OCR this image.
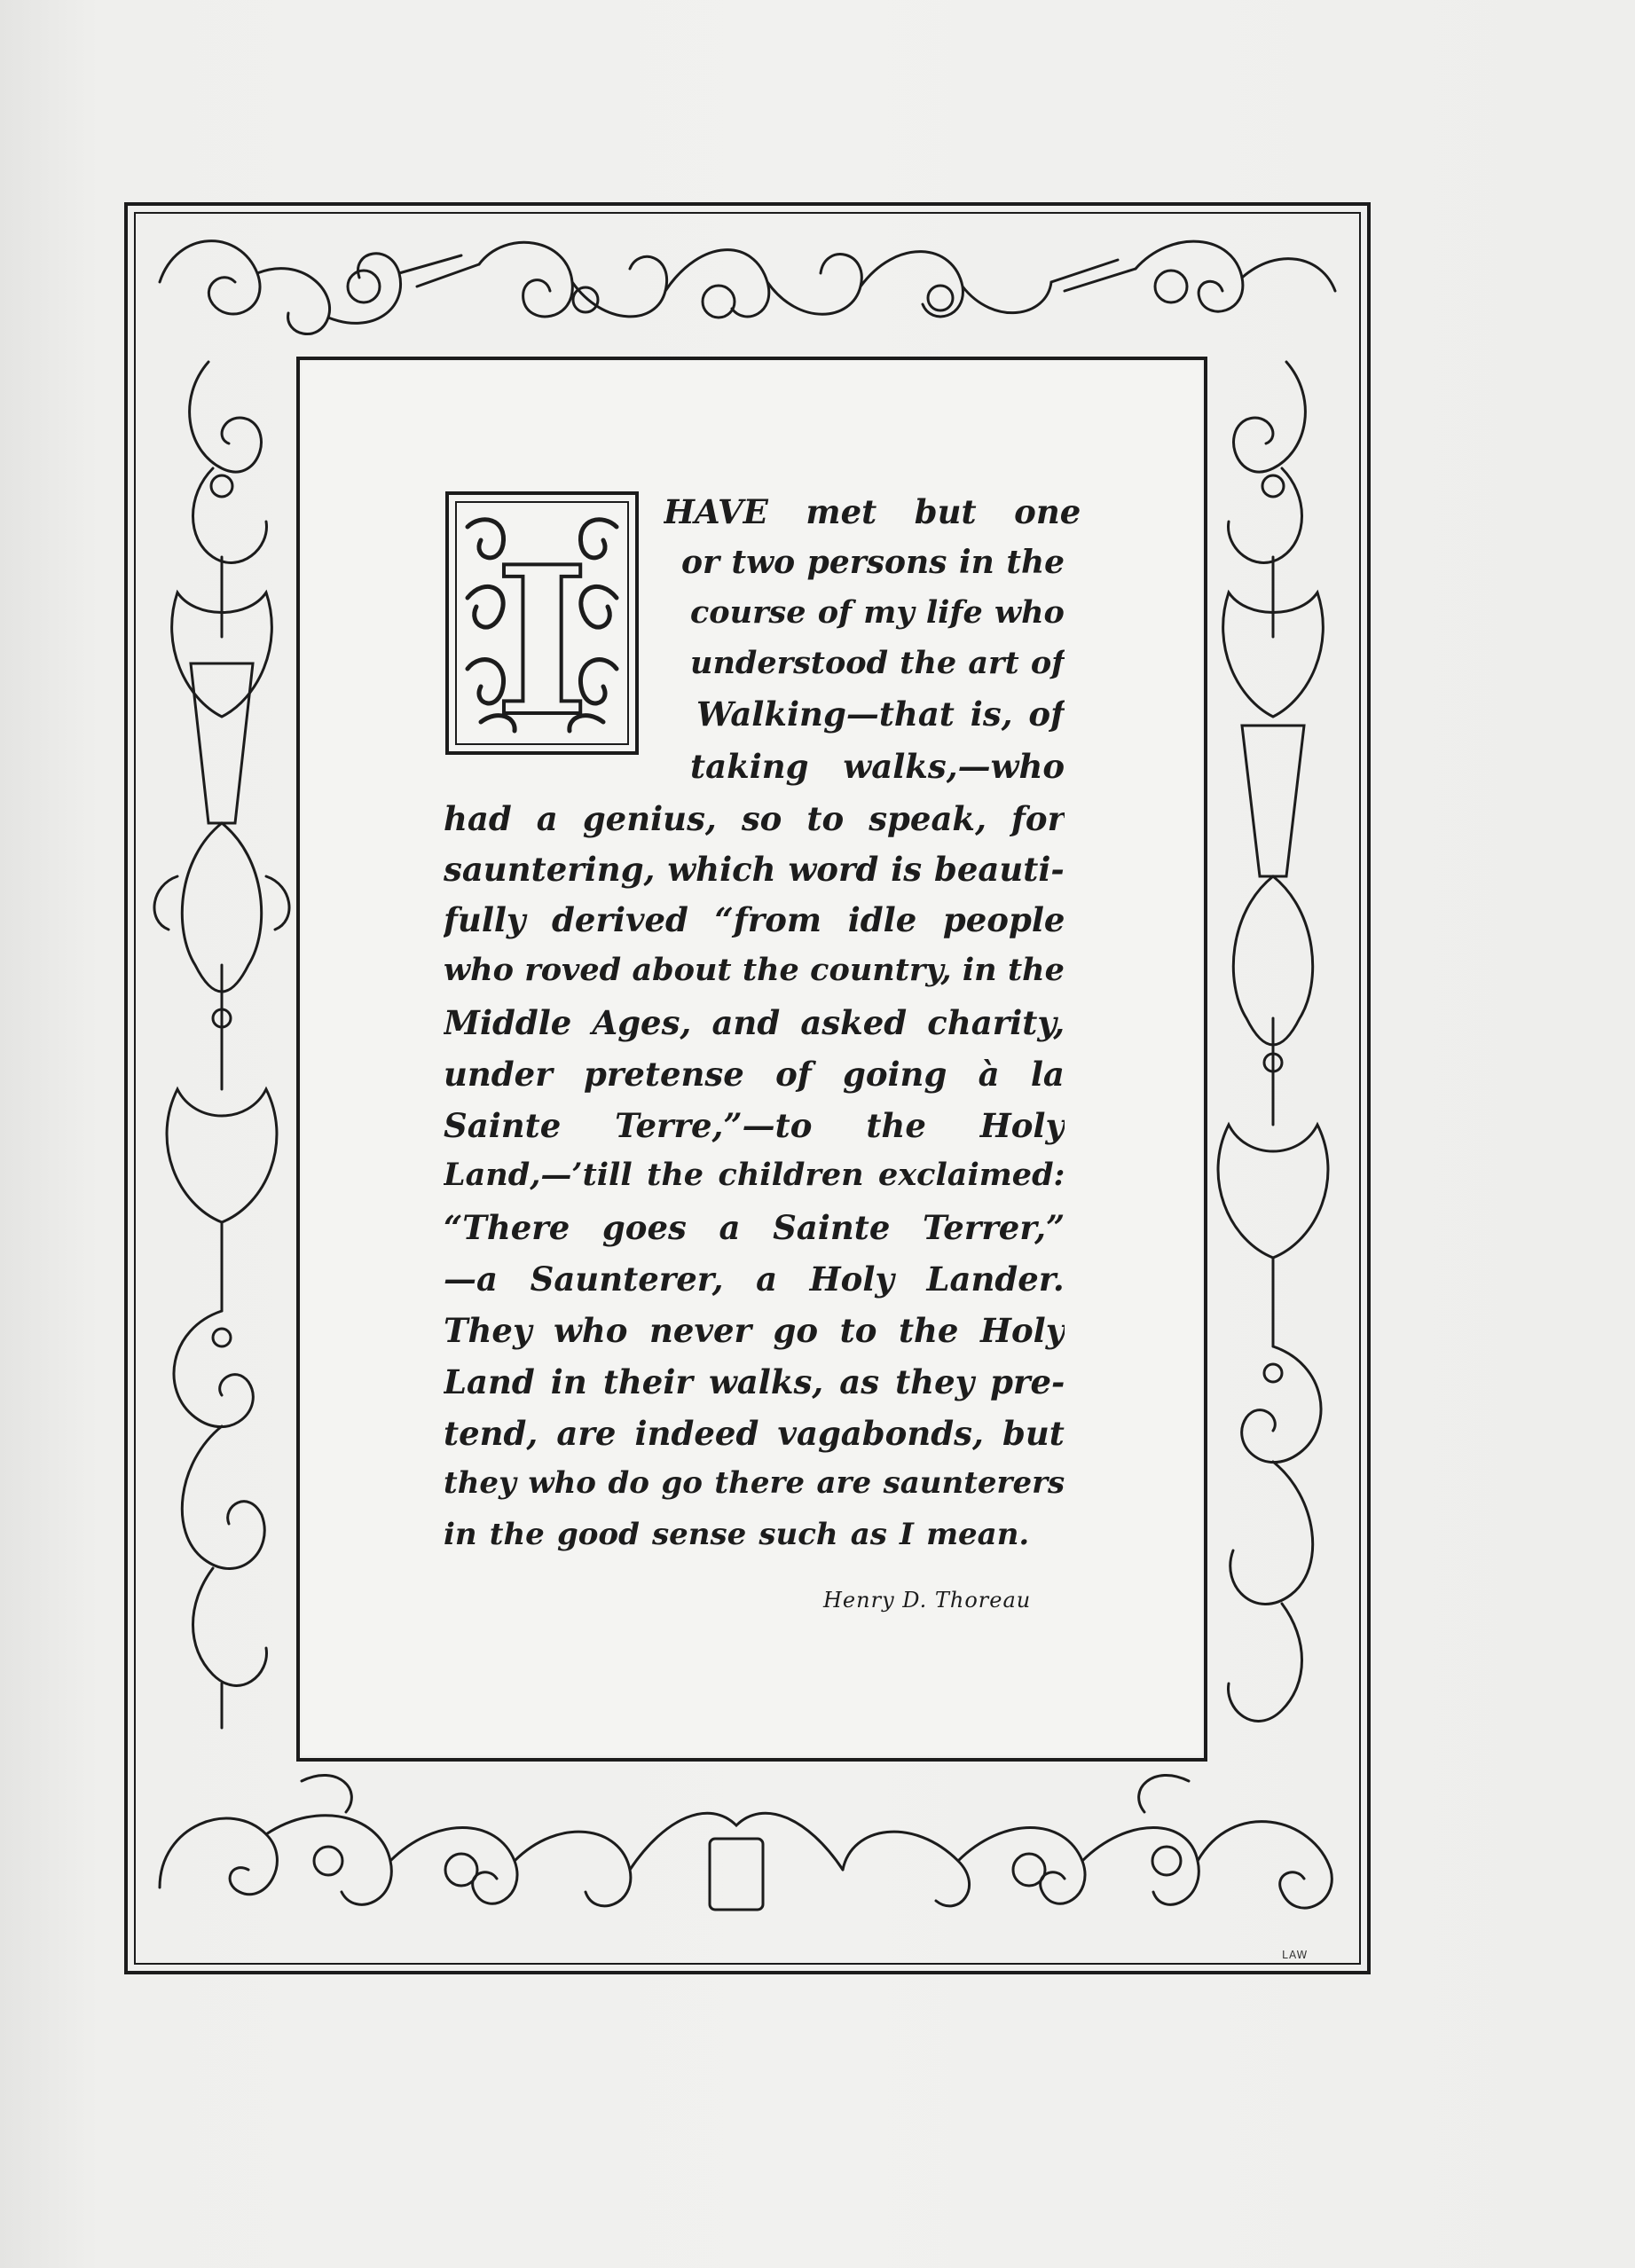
I
HAVE met but one
or two persons in the
course of my life who
understood the art of
Walking—that is, of
taking walks,—who
had a genius, so to speak, for
sauntering, which word is beauti-
fully derived “from idle people
who roved about the country, in the
Middle Ages, and asked charity,
under pretense of going à la
Sainte Terre,”—to the Holy
Land,—’till the children exclaimed:
“There goes a Sainte Terrer,”
—a Saunterer, a Holy Lander.
They who never go to the Holy
Land in their walks, as they pre-
tend, are indeed vagabonds, but
they who do go there are saunterers
in the good sense such as I mean.
Henry D. Thoreau
LAW
